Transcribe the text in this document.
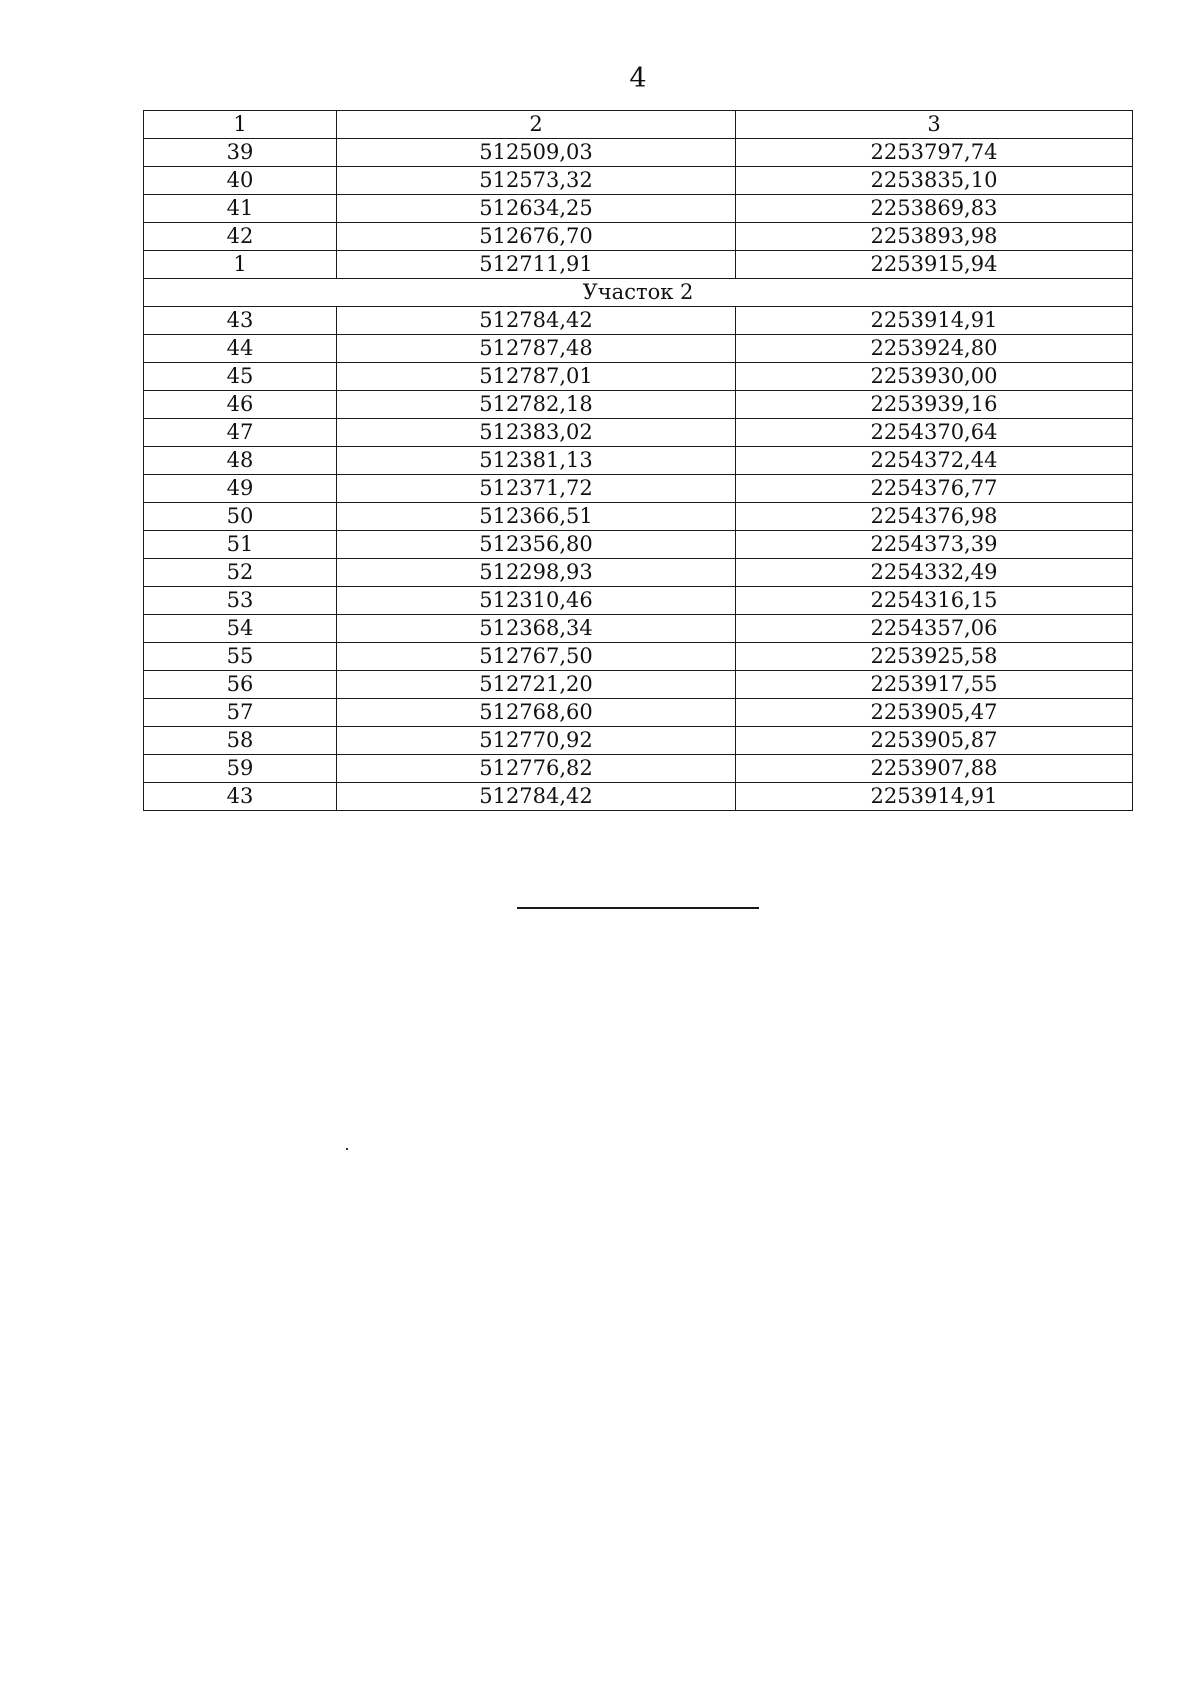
4
1	2	3
39	512509,03	2253797,74
40	512573,32	2253835,10
41	512634,25	2253869,83
42	512676,70	2253893,98
1	512711,91	2253915,94
Участок 2		
43	512784,42	2253914,91
44	512787,48	2253924,80
45	512787,01	2253930,00
46	512782,18	2253939,16
47	512383,02	2254370,64
48	512381,13	2254372,44
49	512371,72	2254376,77
50	512366,51	2254376,98
51	512356,80	2254373,39
52	512298,93	2254332,49
53	512310,46	2254316,15
54	512368,34	2254357,06
55	512767,50	2253925,58
56	512721,20	2253917,55
57	512768,60	2253905,47
58	512770,92	2253905,87
59	512776,82	2253907,88
43	512784,42	2253914,91
